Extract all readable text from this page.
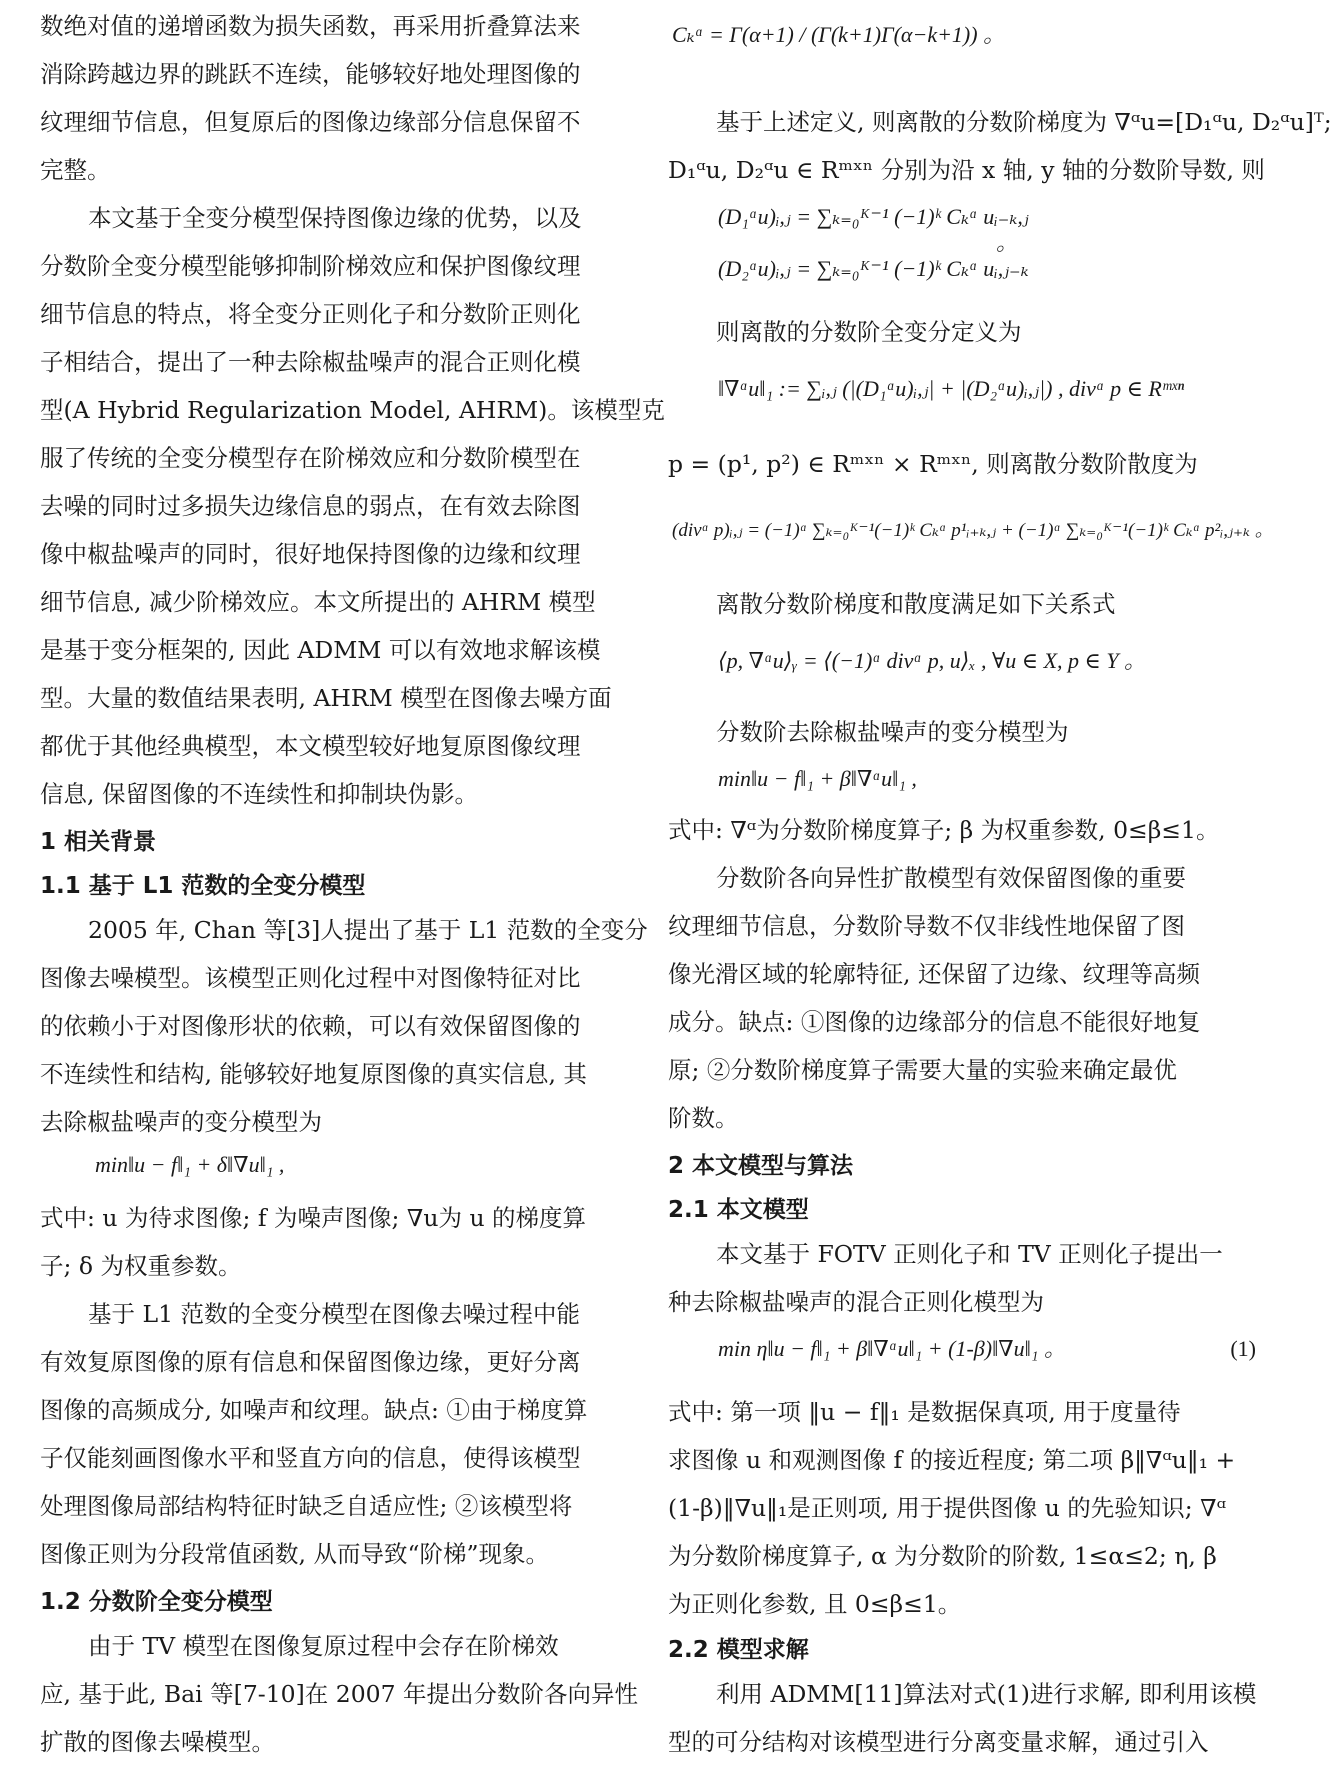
数绝对值的递增函数为损失函数，再采用折叠算法来
消除跨越边界的跳跃不连续，能够较好地处理图像的
纹理细节信息，但复原后的图像边缘部分信息保留不
完整。
本文基于全变分模型保持图像边缘的优势，以及
分数阶全变分模型能够抑制阶梯效应和保护图像纹理
细节信息的特点，将全变分正则化子和分数阶正则化
子相结合，提出了一种去除椒盐噪声的混合正则化模
型(A Hybrid Regularization Model, AHRM)。该模型克
服了传统的全变分模型存在阶梯效应和分数阶模型在
去噪的同时过多损失边缘信息的弱点，在有效去除图
像中椒盐噪声的同时，很好地保持图像的边缘和纹理
细节信息, 减少阶梯效应。本文所提出的 AHRM 模型
是基于变分框架的, 因此 ADMM 可以有效地求解该模
型。大量的数值结果表明, AHRM 模型在图像去噪方面
都优于其他经典模型，本文模型较好地复原图像纹理
信息, 保留图像的不连续性和抑制块伪影。
1 相关背景
1.1 基于 L1 范数的全变分模型
2005 年, Chan 等[3]人提出了基于 L1 范数的全变分
图像去噪模型。该模型正则化过程中对图像特征对比
的依赖小于对图像形状的依赖，可以有效保留图像的
不连续性和结构, 能够较好地复原图像的真实信息, 其
去除椒盐噪声的变分模型为
min‖u − f‖₁ + δ‖∇u‖₁ ,
式中: u 为待求图像; f 为噪声图像; ∇u为 u 的梯度算
子; δ 为权重参数。
基于 L1 范数的全变分模型在图像去噪过程中能
有效复原图像的原有信息和保留图像边缘，更好分离
图像的高频成分, 如噪声和纹理。缺点: ①由于梯度算
子仅能刻画图像水平和竖直方向的信息，使得该模型
处理图像局部结构特征时缺乏自适应性; ②该模型将
图像正则为分段常值函数, 从而导致“阶梯”现象。
1.2 分数阶全变分模型
由于 TV 模型在图像复原过程中会存在阶梯效
应, 基于此, Bai 等[7-10]在 2007 年提出分数阶各向异性
扩散的图像去噪模型。
Cₖᵅ = Γ(α+1) / (Γ(k+1)Γ(α−k+1)) 。
基于上述定义, 则离散的分数阶梯度为 ∇ᵅu=[D₁ᵅu, D₂ᵅu]ᵀ;
D₁ᵅu, D₂ᵅu ∈ Rᵐˣⁿ 分别为沿 x 轴, y 轴的分数阶导数, 则
(D₁ᵅu)ᵢ,ⱼ = ∑ₖ₌₀ᴷ⁻¹ (−1)ᵏ Cₖᵅ uᵢ₋ₖ,ⱼ
(D₂ᵅu)ᵢ,ⱼ = ∑ₖ₌₀ᴷ⁻¹ (−1)ᵏ Cₖᵅ uᵢ,ⱼ₋ₖ
。
则离散的分数阶全变分定义为
‖∇ᵅu‖₁ := ∑ᵢ,ⱼ (|(D₁ᵅu)ᵢ,ⱼ| + |(D₂ᵅu)ᵢ,ⱼ|) , divᵅ p ∈ Rᵐˣⁿ
p = (p¹, p²) ∈ Rᵐˣⁿ × Rᵐˣⁿ, 则离散分数阶散度为
(divᵅ p)ᵢ,ⱼ = (−1)ᵅ ∑ₖ₌₀ᴷ⁻¹(−1)ᵏ Cₖᵅ p¹ᵢ₊ₖ,ⱼ + (−1)ᵅ ∑ₖ₌₀ᴷ⁻¹(−1)ᵏ Cₖᵅ p²ᵢ,ⱼ₊ₖ 。
离散分数阶梯度和散度满足如下关系式
⟨p, ∇ᵅu⟩ᵧ = ⟨(−1)ᵅ divᵅ p, u⟩ₓ , ∀u ∈ X, p ∈ Y 。
分数阶去除椒盐噪声的变分模型为
min‖u − f‖₁ + β‖∇ᵅu‖₁ ,
式中: ∇ᵅ为分数阶梯度算子; β 为权重参数, 0≤β≤1。
分数阶各向异性扩散模型有效保留图像的重要
纹理细节信息，分数阶导数不仅非线性地保留了图
像光滑区域的轮廓特征, 还保留了边缘、纹理等高频
成分。缺点: ①图像的边缘部分的信息不能很好地复
原; ②分数阶梯度算子需要大量的实验来确定最优
阶数。
2 本文模型与算法
2.1 本文模型
本文基于 FOTV 正则化子和 TV 正则化子提出一
种去除椒盐噪声的混合正则化模型为
min η‖u − f‖₁ + β‖∇ᵅu‖₁ + (1-β)‖∇u‖₁ 。	(1)
式中: 第一项 ‖u − f‖₁ 是数据保真项, 用于度量待
求图像 u 和观测图像 f 的接近程度; 第二项 β‖∇ᵅu‖₁ +
(1-β)‖∇u‖₁是正则项, 用于提供图像 u 的先验知识; ∇ᵅ
为分数阶梯度算子, α 为分数阶的阶数, 1≤α≤2; η, β
为正则化参数, 且 0≤β≤1。
2.2 模型求解
利用 ADMM[11]算法对式(1)进行求解, 即利用该模
型的可分结构对该模型进行分离变量求解，通过引入
